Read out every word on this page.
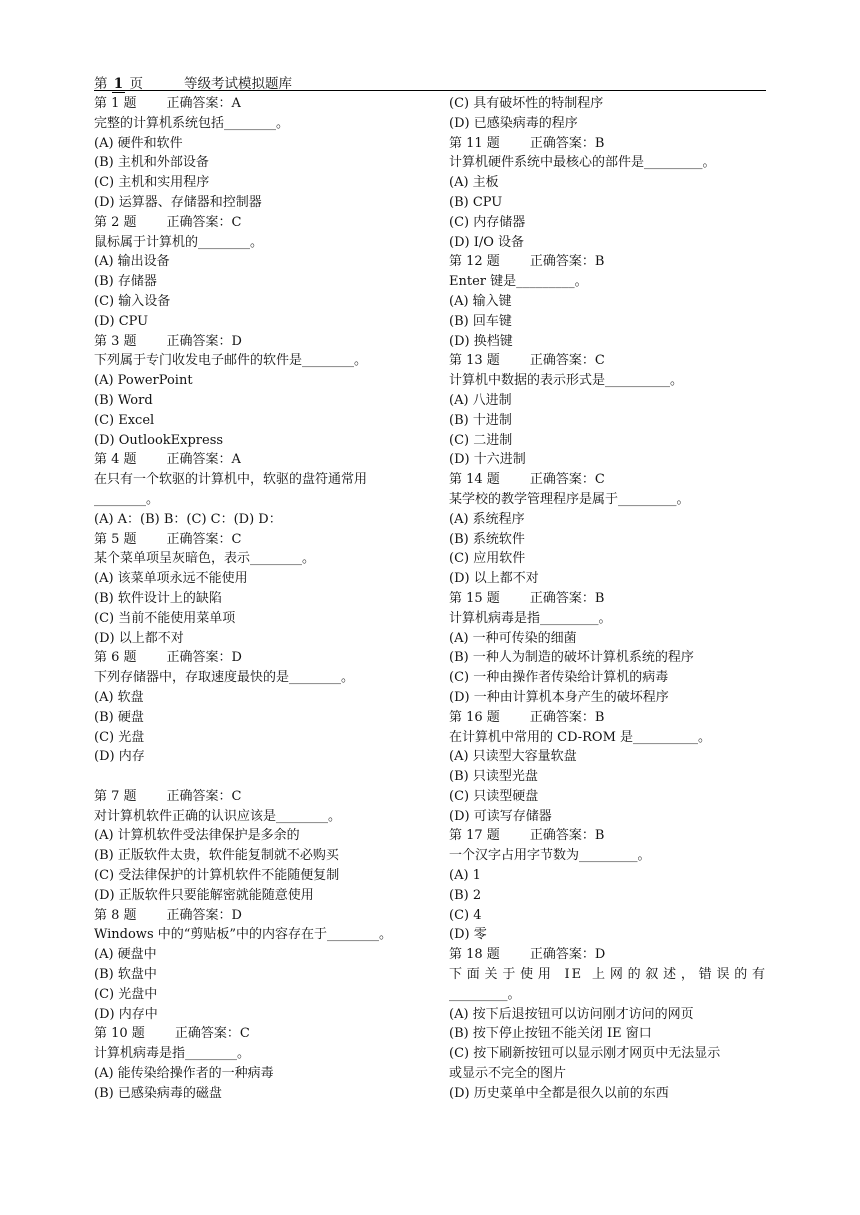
第 1 页	等级考试模拟题库
第 1 题 正确答案：A
完整的计算机系统包括________。
(A) 硬件和软件
(B) 主机和外部设备
(C) 主机和实用程序
(D) 运算器、存储器和控制器
第 2 题 正确答案：C
鼠标属于计算机的________。
(A) 输出设备
(B) 存储器
(C) 输入设备
(D) CPU
第 3 题 正确答案：D
下列属于专门收发电子邮件的软件是________。
(A) PowerPoint
(B) Word
(C) Excel
(D) OutlookExpress
第 4 题 正确答案：A
在只有一个软驱的计算机中，软驱的盘符通常用
________。
(A) A：(B) B：(C) C：(D) D：
第 5 题 正确答案：C
某个菜单项呈灰暗色，表示________。
(A) 该菜单项永远不能使用
(B) 软件设计上的缺陷
(C) 当前不能使用菜单项
(D) 以上都不对
第 6 题 正确答案：D
下列存储器中，存取速度最快的是________。
(A) 软盘
(B) 硬盘
(C) 光盘
(D) 内存
第 7 题 正确答案：C
对计算机软件正确的认识应该是________。
(A) 计算机软件受法律保护是多余的
(B) 正版软件太贵，软件能复制就不必购买
(C) 受法律保护的计算机软件不能随便复制
(D) 正版软件只要能解密就能随意使用
第 8 题 正确答案：D
Windows 中的“剪贴板”中的内容存在于________。
(A) 硬盘中
(B) 软盘中
(C) 光盘中
(D) 内存中
第 10 题 正确答案：C
计算机病毒是指________。
(A) 能传染给操作者的一种病毒
(B) 已感染病毒的磁盘
(C) 具有破坏性的特制程序
(D) 已感染病毒的程序
第 11 题 正确答案：B
计算机硬件系统中最核心的部件是_________。
(A) 主板
(B) CPU
(C) 内存储器
(D) I/O 设备
第 12 题 正确答案：B
Enter 键是_________。
(A) 输入键
(B) 回车键
(D) 换档键
第 13 题 正确答案：C
计算机中数据的表示形式是__________。
(A) 八进制
(B) 十进制
(C) 二进制
(D) 十六进制
第 14 题 正确答案：C
某学校的教学管理程序是属于_________。
(A) 系统程序
(B) 系统软件
(C) 应用软件
(D) 以上都不对
第 15 题 正确答案：B
计算机病毒是指_________。
(A) 一种可传染的细菌
(B) 一种人为制造的破坏计算机系统的程序
(C) 一种由操作者传染给计算机的病毒
(D) 一种由计算机本身产生的破坏程序
第 16 题 正确答案：B
在计算机中常用的 CD-ROM 是__________。
(A) 只读型大容量软盘
(B) 只读型光盘
(C) 只读型硬盘
(D) 可读写存储器
第 17 题 正确答案：B
一个汉字占用字节数为_________。
(A) 1
(B) 2
(C) 4
(D) 零
第 18 题 正确答案：D
下面关于使用 IE 上网的叙述，错误的有
_________。
(A) 按下后退按钮可以访问刚才访问的网页
(B) 按下停止按钮不能关闭 IE 窗口
(C) 按下刷新按钮可以显示刚才网页中无法显示
或显示不完全的图片
(D) 历史菜单中全都是很久以前的东西
